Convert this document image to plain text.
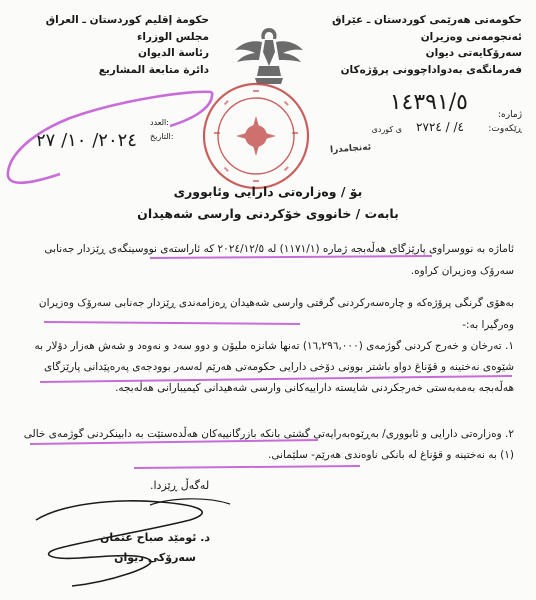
حکومەتی هەرێمی کوردستان ـ عێراق
ئەنجومەنی وەزیران
سەرۆکایەتی دیوان
فەرمانگەی بەدواداچوونی پرۆژەکان
حكومة إقليم كوردستان ـ العراق
مجلس الوزراء
رئاسة الديوان
دائرة متابعة المشاريع
ژمارە:
١٤٣٩١/٥
ڕێکەوت:
٤/ / ٢٧٢٤
ی کوردی
العدد:
التاريخ:
٢٠٢٤/ ١٠/ ٢٧	ئەنجامدرا
بۆ / وەزارەتی دارایی وئابووری
بابەت / خانووی خۆکردنی وارسی شەهیدان
ئاماژە بە نووسراوی پارێزگای هەڵەبجە ژمارە (١١٧١/١) لە ٢٠٢٤/١٢/٥ کە ئاراستەی نووسینگەی ڕێزدار جەنابی سەرۆک وەزیران کراوە.
بەهۆی گرنگی پرۆژەکە و چارەسەرکردنی گرفتی وارسی شەهیدان ڕەزامەندی ڕێزدار جەنابی سەرۆک وەزیران وەرگیرا بە:-
١. تەرخان و خەرج کردنی گوژمەی (١٦,٢٩٦,٠٠٠) تەنها شانزە ملیۆن و دوو سەد و نەوەد و شەش هەزار دۆلار بە شێوەی نەختینە و قۆناغ دواو باشتر بوونی دۆخی دارایی حکومەتی هەرێم لەسەر بوودجەی پەرەپێدانی پارێزگای هەڵەبجە بەمەبەستی خەرجکردنی شایستە داراییەکانی وارسی شەهیدانی کیمیبارانی هەڵەبجە.
٢. وەزارەتی دارایی و ئابووری/ بەڕێوەبەرایەتی گشتی بانکە بازرگانییەکان هەڵدەستێت بە دابینکردنی گوژمەی خالی (١) بە نەختینە و قۆناغ لە بانکی ناوەندی هەرێم- سلێمانی.
لەگەڵ ڕێزدا.
د. ئومێد صباح عثمان
سەرۆکی دیوان
